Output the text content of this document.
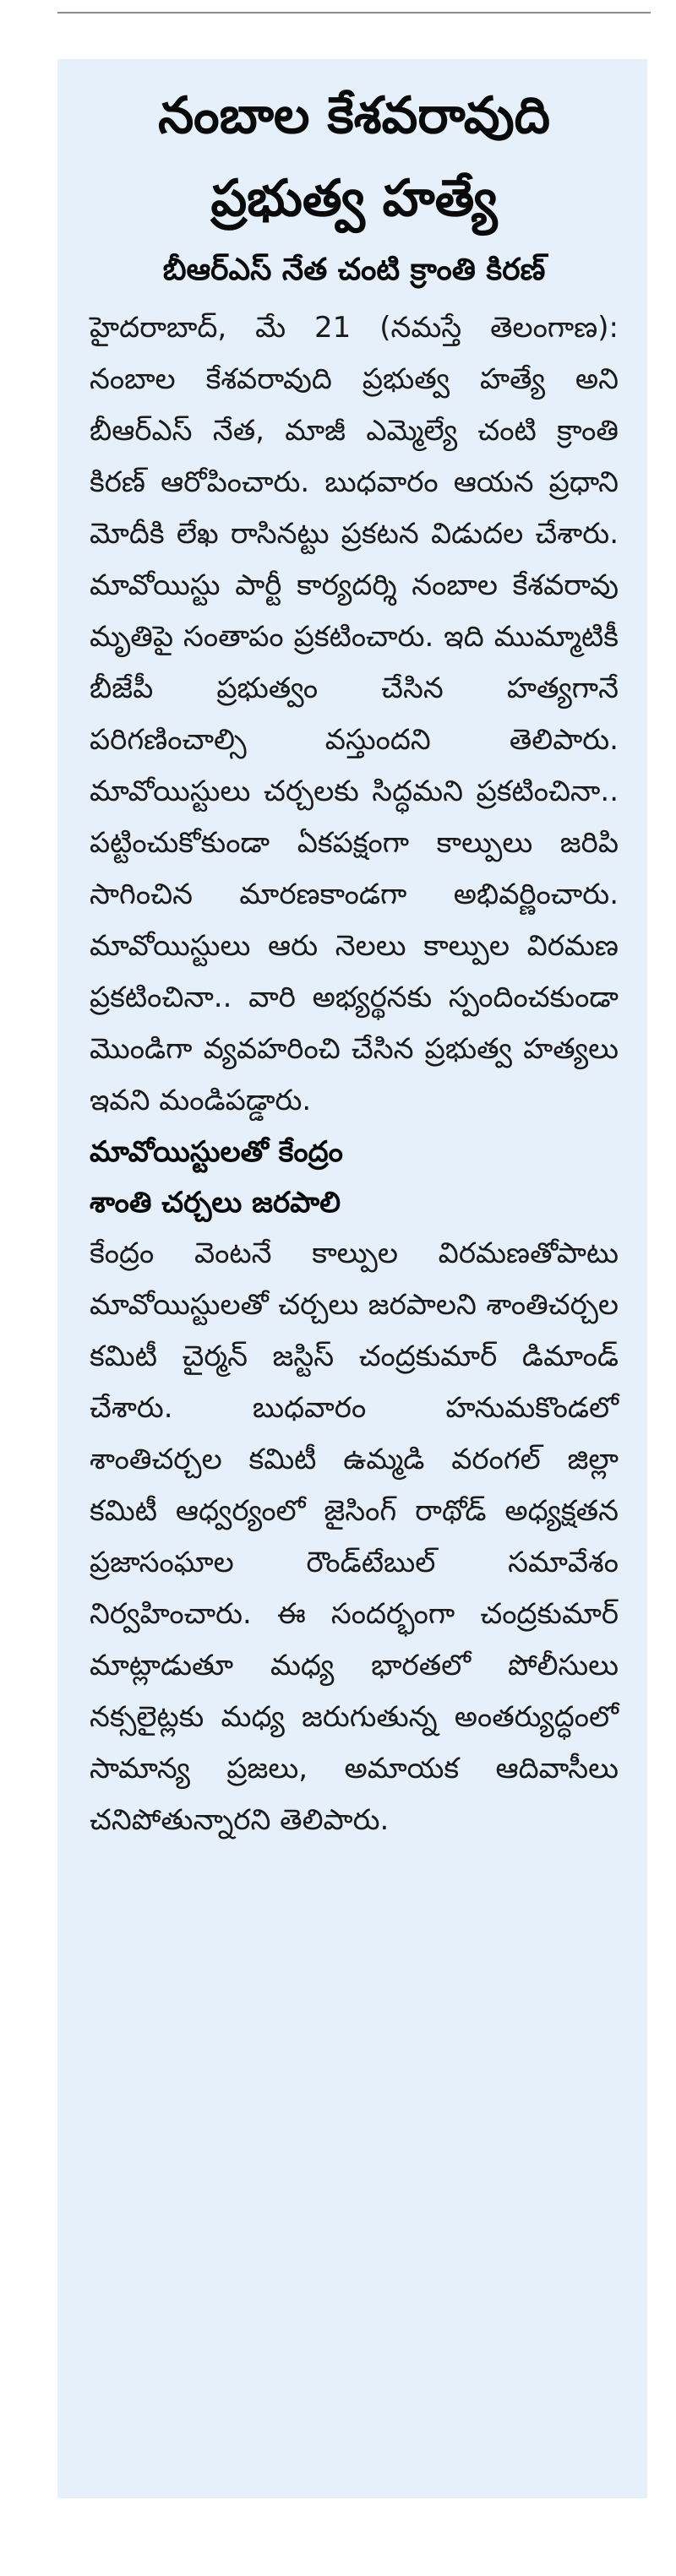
నంబాల కేశవరావుది
ప్రభుత్వ హత్యే
బీఆర్ఎస్ నేత చంటి క్రాంతి కిరణ్

హైదరాబాద్, మే 21 (నమస్తే తెలంగాణ): నంబాల కేశవరావుది ప్రభుత్వ హత్యే అని బీఆర్ఎస్ నేత, మాజీ ఎమ్మెల్యే చంటి క్రాంతి కిరణ్ ఆరోపించారు. బుధవారం ఆయన ప్రధాని మోదీకి లేఖ రాసినట్టు ప్రకటన విడుదల చేశారు. మావోయిస్టు పార్టీ కార్యదర్శి నంబాల కేశవరావు మృతిపై సంతాపం ప్రకటించారు. ఇది ముమ్మాటికీ బీజేపీ ప్రభుత్వం చేసిన హత్యగానే పరిగణించాల్సి వస్తుందని తెలిపారు. మావోయిస్టులు చర్చలకు సిద్ధమని ప్రకటించినా.. పట్టించుకోకుండా ఏకపక్షంగా కాల్పులు జరిపి సాగించిన మారణకాండగా అభివర్ణించారు. మావోయిస్టులు ఆరు నెలలు కాల్పుల విరమణ ప్రకటించినా.. వారి అభ్యర్థనకు స్పందించకుండా మొండిగా వ్యవహరించి చేసిన ప్రభుత్వ హత్యలు ఇవని మండిపడ్డారు.

మావోయిస్టులతో కేంద్రం
శాంతి చర్చలు జరపాలి

కేంద్రం వెంటనే కాల్పుల విరమణతోపాటు మావోయిస్టులతో చర్చలు జరపాలని శాంతిచర్చల కమిటీ చైర్మన్ జస్టిస్ చంద్రకుమార్ డిమాండ్ చేశారు. బుధవారం హనుమకొండలో శాంతిచర్చల కమిటీ ఉమ్మడి వరంగల్ జిల్లా కమిటీ ఆధ్వర్యంలో జైసింగ్ రాథోడ్ అధ్యక్షతన ప్రజాసంఘాల రౌండ్‌టేబుల్ సమావేశం నిర్వహించారు. ఈ సందర్భంగా చంద్రకుమార్ మాట్లాడుతూ మధ్య భారతలో పోలీసులు నక్సలైట్లకు మధ్య జరుగుతున్న అంతర్యుద్ధంలో సామాన్య ప్రజలు, అమాయక ఆదివాసీలు చనిపోతున్నారని తెలిపారు.
